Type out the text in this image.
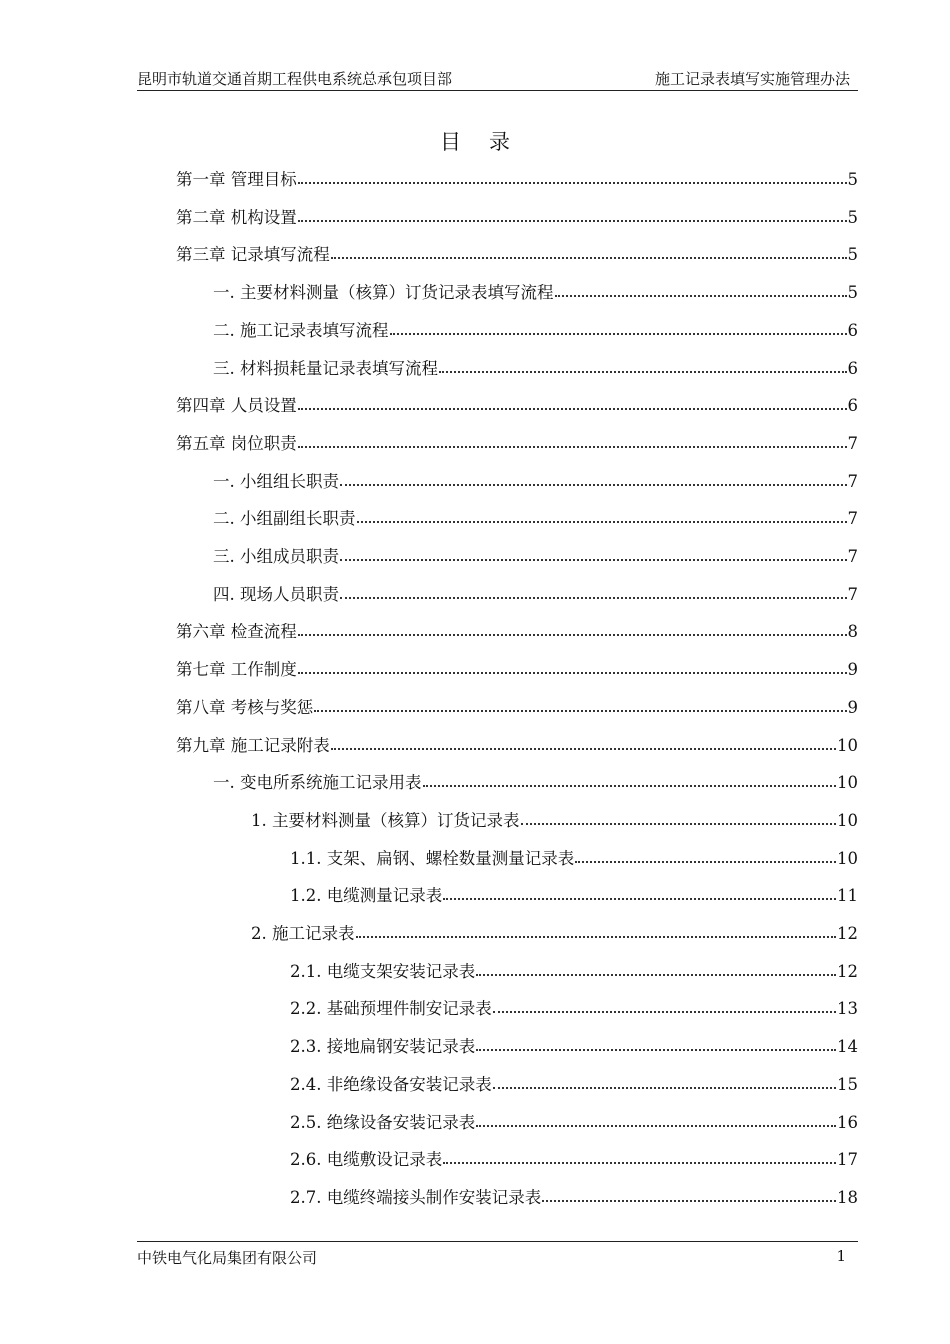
昆明市轨道交通首期工程供电系统总承包项目部	施工记录表填写实施管理办法
目录
第一章 管理目标	5
第二章 机构设置	5
第三章 记录填写流程	5
一. 主要材料测量（核算）订货记录表填写流程	5
二. 施工记录表填写流程	6
三. 材料损耗量记录表填写流程	6
第四章 人员设置	6
第五章 岗位职责	7
一. 小组组长职责	7
二. 小组副组长职责	7
三. 小组成员职责	7
四. 现场人员职责	7
第六章 检查流程	8
第七章 工作制度	9
第八章 考核与奖惩	9
第九章 施工记录附表	10
一. 变电所系统施工记录用表	10
1. 主要材料测量（核算）订货记录表	10
1.1. 支架、扁钢、螺栓数量测量记录表	10
1.2. 电缆测量记录表	11
2. 施工记录表	12
2.1. 电缆支架安装记录表	12
2.2. 基础预埋件制安记录表	13
2.3. 接地扁钢安装记录表	14
2.4. 非绝缘设备安装记录表	15
2.5. 绝缘设备安装记录表	16
2.6. 电缆敷设记录表	17
2.7. 电缆终端接头制作安装记录表	18
中铁电气化局集团有限公司	1
